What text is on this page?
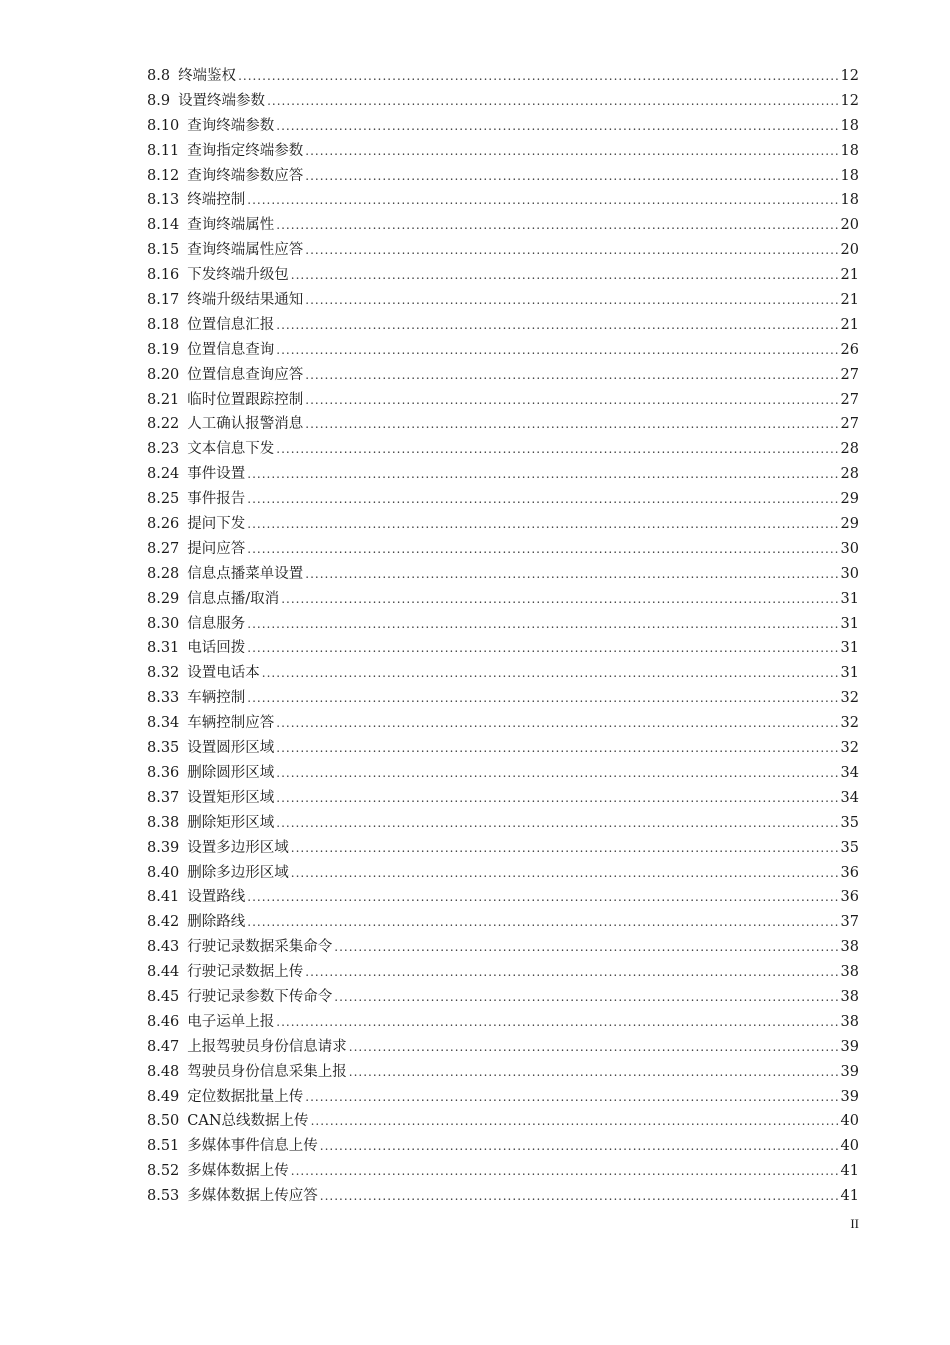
8.8 终端鉴权 .....	12
8.9 设置终端参数 .....	12
8.10 查询终端参数 .....	18
8.11 查询指定终端参数 .....	18
8.12 查询终端参数应答 .....	18
8.13 终端控制 .....	18
8.14 查询终端属性 .....	20
8.15 查询终端属性应答 .....	20
8.16 下发终端升级包 .....	21
8.17 终端升级结果通知 .....	21
8.18 位置信息汇报 .....	21
8.19 位置信息查询 .....	26
8.20 位置信息查询应答 .....	27
8.21 临时位置跟踪控制 .....	27
8.22 人工确认报警消息 .....	27
8.23 文本信息下发 .....	28
8.24 事件设置 .....	28
8.25 事件报告 .....	29
8.26 提问下发 .....	29
8.27 提问应答 .....	30
8.28 信息点播菜单设置 .....	30
8.29 信息点播/取消 .....	31
8.30 信息服务 .....	31
8.31 电话回拨 .....	31
8.32 设置电话本 .....	31
8.33 车辆控制 .....	32
8.34 车辆控制应答 .....	32
8.35 设置圆形区域 .....	32
8.36 删除圆形区域 .....	34
8.37 设置矩形区域 .....	34
8.38 删除矩形区域 .....	35
8.39 设置多边形区域 .....	35
8.40 删除多边形区域 .....	36
8.41 设置路线 .....	36
8.42 删除路线 .....	37
8.43 行驶记录数据采集命令 .....	38
8.44 行驶记录数据上传 .....	38
8.45 行驶记录参数下传命令 .....	38
8.46 电子运单上报 .....	38
8.47 上报驾驶员身份信息请求 .....	39
8.48 驾驶员身份信息采集上报 .....	39
8.49 定位数据批量上传 .....	39
8.50 CAN总线数据上传 .....	40
8.51 多媒体事件信息上传 .....	40
8.52 多媒体数据上传 .....	41
8.53 多媒体数据上传应答 .....	41
II
